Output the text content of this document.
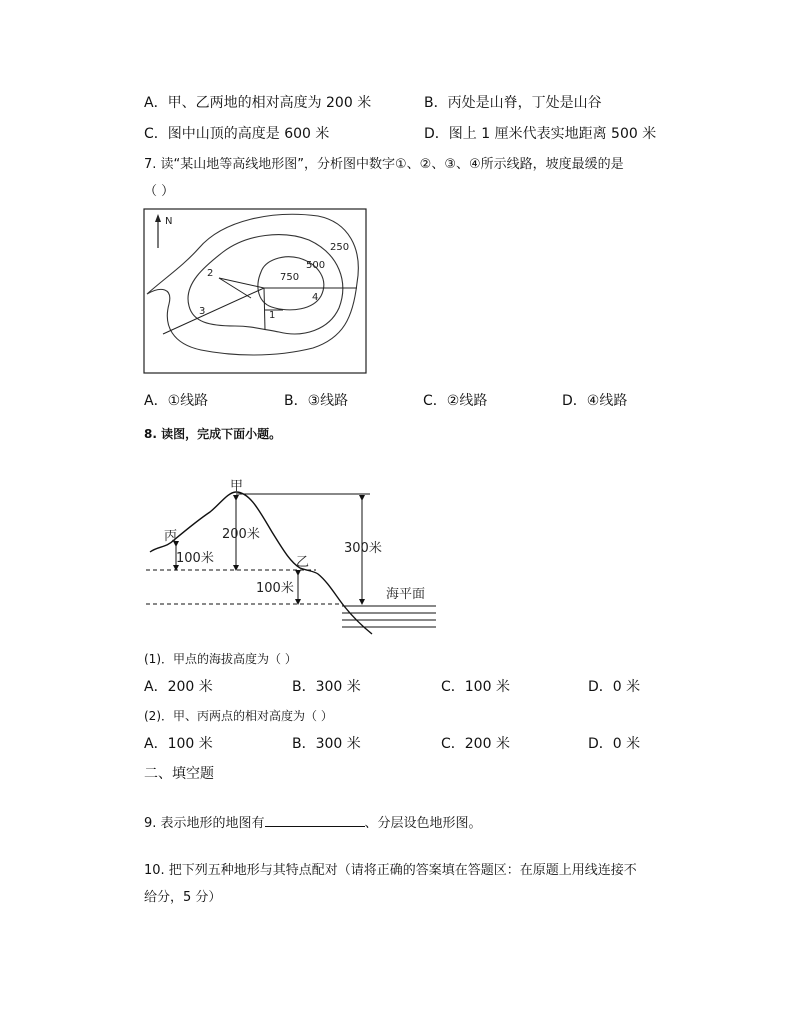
A．甲、乙两地的相对高度为 200 米	B．丙处是山脊，丁处是山谷
C．图中山顶的高度是 600 米	D．图上 1 厘米代表实地距离 500 米
7. 读“某山地等高线地形图”，分析图中数字①、②、③、④所示线路，坡度最缓的是
（ ）
N
250
500
750
4
1
2
3
A．①线路	B．③线路	C．②线路	D．④线路
8. 读图，完成下面小题。
甲
丙
乙
200米
100米
100米
300米
海平面
(1)．甲点的海拔高度为（ ）
A．200 米	B．300 米	C．100 米	D．0 米
(2)．甲、丙两点的相对高度为（ ）
A．100 米	B．300 米	C．200 米	D．0 米
二、填空题
9. 表示地形的地图有	、分层设色地形图。
10. 把下列五种地形与其特点配对（请将正确的答案填在答题区：在原题上用线连接不
给分，5 分）
